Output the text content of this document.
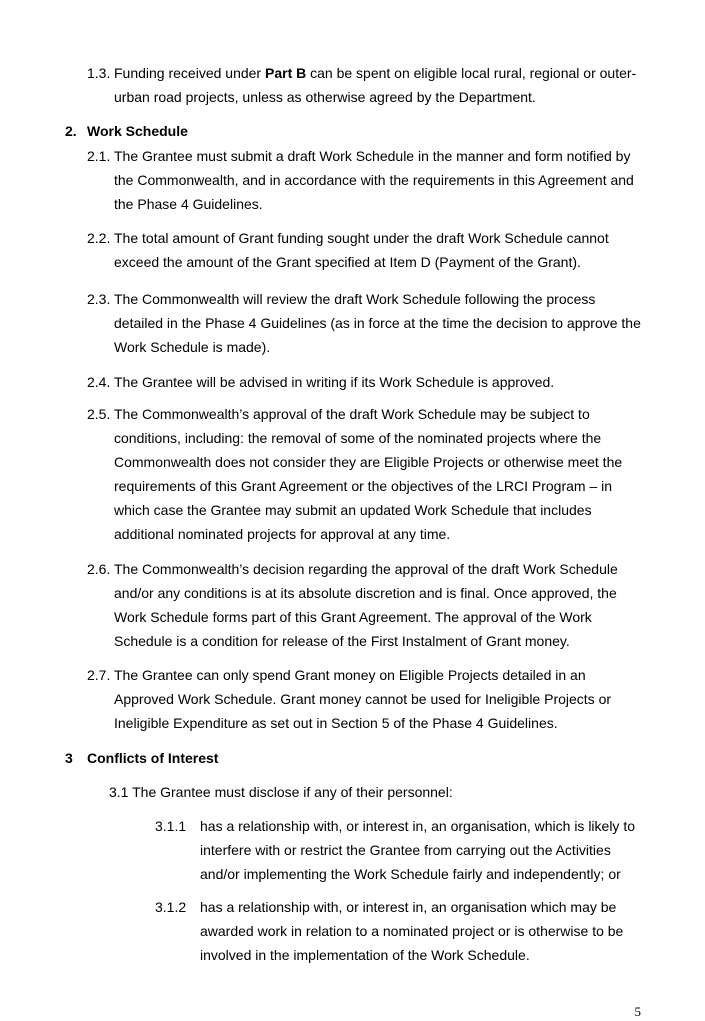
1.3. Funding received under Part B can be spent on eligible local rural, regional or outer-urban road projects, unless as otherwise agreed by the Department.
2. Work Schedule
2.1. The Grantee must submit a draft Work Schedule in the manner and form notified by the Commonwealth, and in accordance with the requirements in this Agreement and the Phase 4 Guidelines.
2.2. The total amount of Grant funding sought under the draft Work Schedule cannot exceed the amount of the Grant specified at Item D (Payment of the Grant).
2.3. The Commonwealth will review the draft Work Schedule following the process detailed in the Phase 4 Guidelines (as in force at the time the decision to approve the Work Schedule is made).
2.4. The Grantee will be advised in writing if its Work Schedule is approved.
2.5. The Commonwealth’s approval of the draft Work Schedule may be subject to conditions, including: the removal of some of the nominated projects where the Commonwealth does not consider they are Eligible Projects or otherwise meet the requirements of this Grant Agreement or the objectives of the LRCI Program – in which case the Grantee may submit an updated Work Schedule that includes additional nominated projects for approval at any time.
2.6. The Commonwealth’s decision regarding the approval of the draft Work Schedule and/or any conditions is at its absolute discretion and is final. Once approved, the Work Schedule forms part of this Grant Agreement. The approval of the Work Schedule is a condition for release of the First Instalment of Grant money.
2.7. The Grantee can only spend Grant money on Eligible Projects detailed in an Approved Work Schedule. Grant money cannot be used for Ineligible Projects or Ineligible Expenditure as set out in Section 5 of the Phase 4 Guidelines.
3 Conflicts of Interest
3.1 The Grantee must disclose if any of their personnel:
3.1.1 has a relationship with, or interest in, an organisation, which is likely to interfere with or restrict the Grantee from carrying out the Activities and/or implementing the Work Schedule fairly and independently; or
3.1.2 has a relationship with, or interest in, an organisation which may be awarded work in relation to a nominated project or is otherwise to be involved in the implementation of the Work Schedule.
5
